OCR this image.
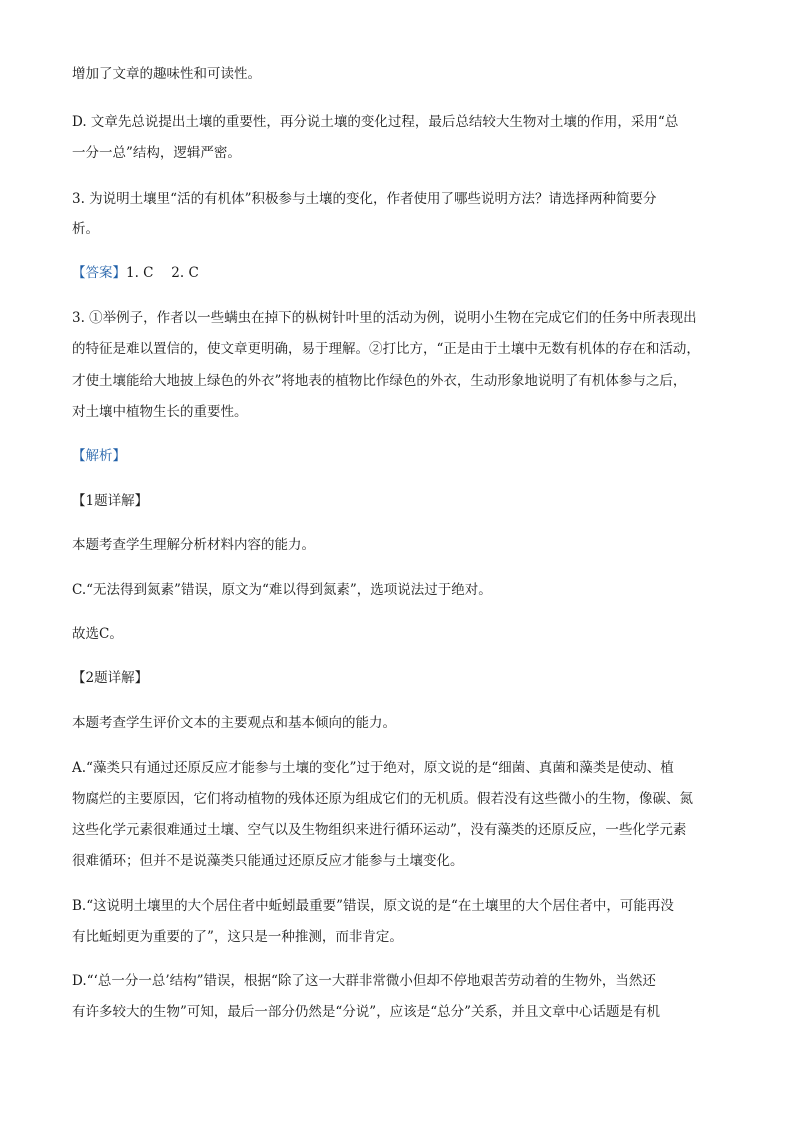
增加了文章的趣味性和可读性。
D. 文章先总说提出土壤的重要性，再分说土壤的变化过程，最后总结较大生物对土壤的作用，采用“总
一分一总”结构，逻辑严密。
3. 为说明土壤里“活的有机体”积极参与土壤的变化，作者使用了哪些说明方法？请选择两种简要分
析。
【答案】1. C　 2. C
3. ①举例子，作者以一些螨虫在掉下的枞树针叶里的活动为例，说明小生物在完成它们的任务中所表现出
的特征是难以置信的，使文章更明确，易于理解。②打比方，“正是由于土壤中无数有机体的存在和活动，
才使土壤能给大地披上绿色的外衣”将地表的植物比作绿色的外衣，生动形象地说明了有机体参与之后，
对土壤中植物生长的重要性。
【解析】
【1题详解】
本题考查学生理解分析材料内容的能力。
C.“无法得到氮素”错误，原文为“难以得到氮素”，选项说法过于绝对。
故选C。
【2题详解】
本题考查学生评价文本的主要观点和基本倾向的能力。
A.“藻类只有通过还原反应才能参与土壤的变化”过于绝对，原文说的是“细菌、真菌和藻类是使动、植
物腐烂的主要原因，它们将动植物的残体还原为组成它们的无机质。假若没有这些微小的生物，像碳、氮
这些化学元素很难通过土壤、空气以及生物组织来进行循环运动”，没有藻类的还原反应，一些化学元素
很难循环；但并不是说藻类只能通过还原反应才能参与土壤变化。
B.“这说明土壤里的大个居住者中蚯蚓最重要”错误，原文说的是“在土壤里的大个居住者中，可能再没
有比蚯蚓更为重要的了”，这只是一种推测，而非肯定。
D.“‘总一分一总’结构”错误，根据“除了这一大群非常微小但却不停地艰苦劳动着的生物外，当然还
有许多较大的生物”可知，最后一部分仍然是“分说”，应该是“总分”关系，并且文章中心话题是有机
